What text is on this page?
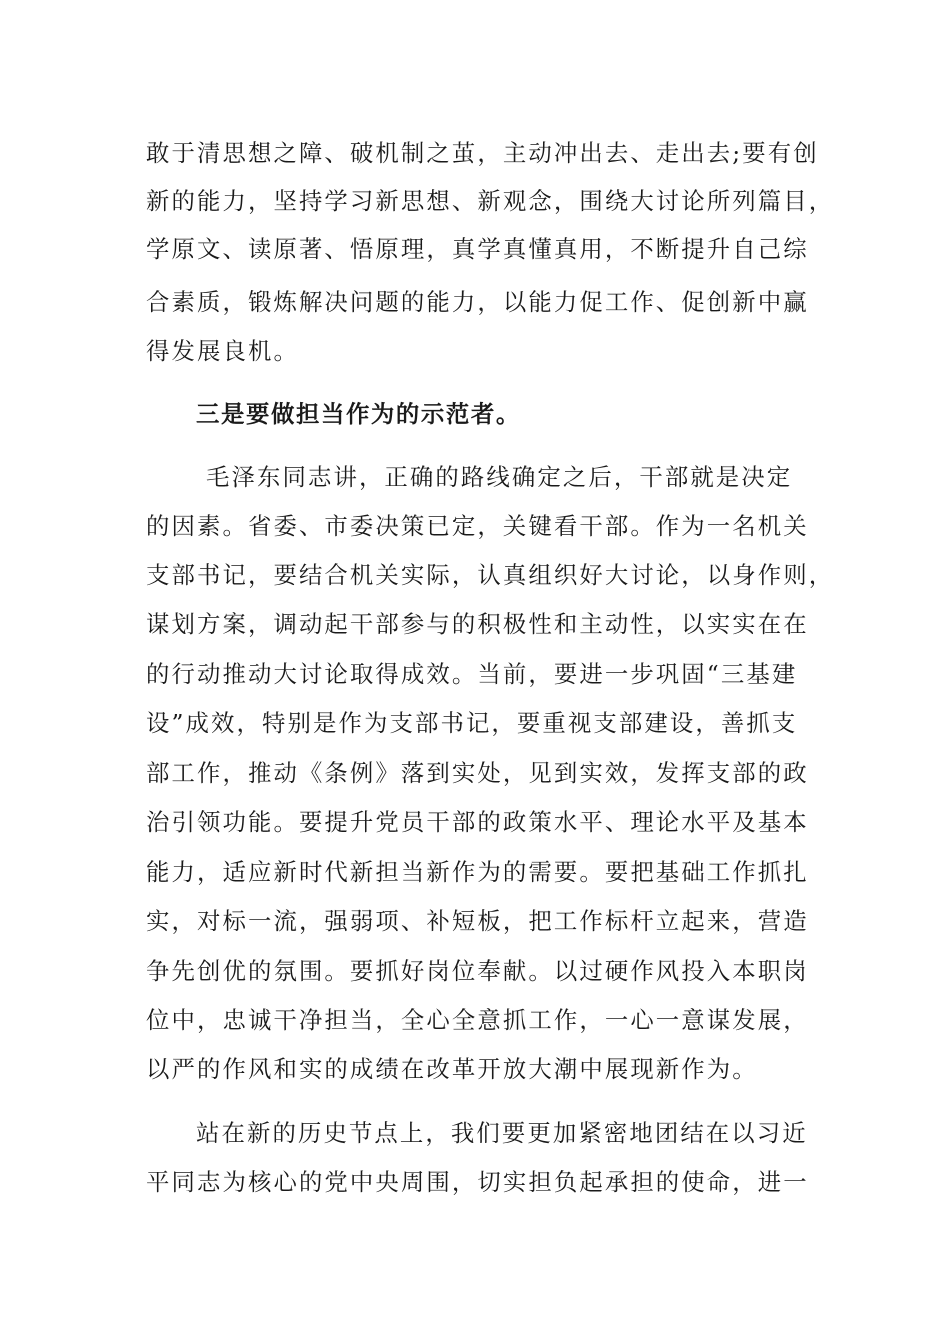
敢于清思想之障、破机制之茧，主动冲出去、走出去;要有创

新的能力，坚持学习新思想、新观念，围绕大讨论所列篇目，

学原文、读原著、悟原理，真学真懂真用，不断提升自己综

合素质，锻炼解决问题的能力，以能力促工作、促创新中赢

得发展良机。

三是要做担当作为的示范者。

毛泽东同志讲，正确的路线确定之后，干部就是决定

的因素。省委、市委决策已定，关键看干部。作为一名机关

支部书记，要结合机关实际，认真组织好大讨论，以身作则，

谋划方案，调动起干部参与的积极性和主动性，以实实在在

的行动推动大讨论取得成效。当前，要进一步巩固“三基建

设”成效，特别是作为支部书记，要重视支部建设，善抓支

部工作，推动《条例》落到实处，见到实效，发挥支部的政

治引领功能。要提升党员干部的政策水平、理论水平及基本

能力，适应新时代新担当新作为的需要。要把基础工作抓扎

实，对标一流，强弱项、补短板，把工作标杆立起来，营造

争先创优的氛围。要抓好岗位奉献。以过硬作风投入本职岗

位中，忠诚干净担当，全心全意抓工作，一心一意谋发展，

以严的作风和实的成绩在改革开放大潮中展现新作为。

站在新的历史节点上，我们要更加紧密地团结在以习近

平同志为核心的党中央周围，切实担负起承担的使命，进一
